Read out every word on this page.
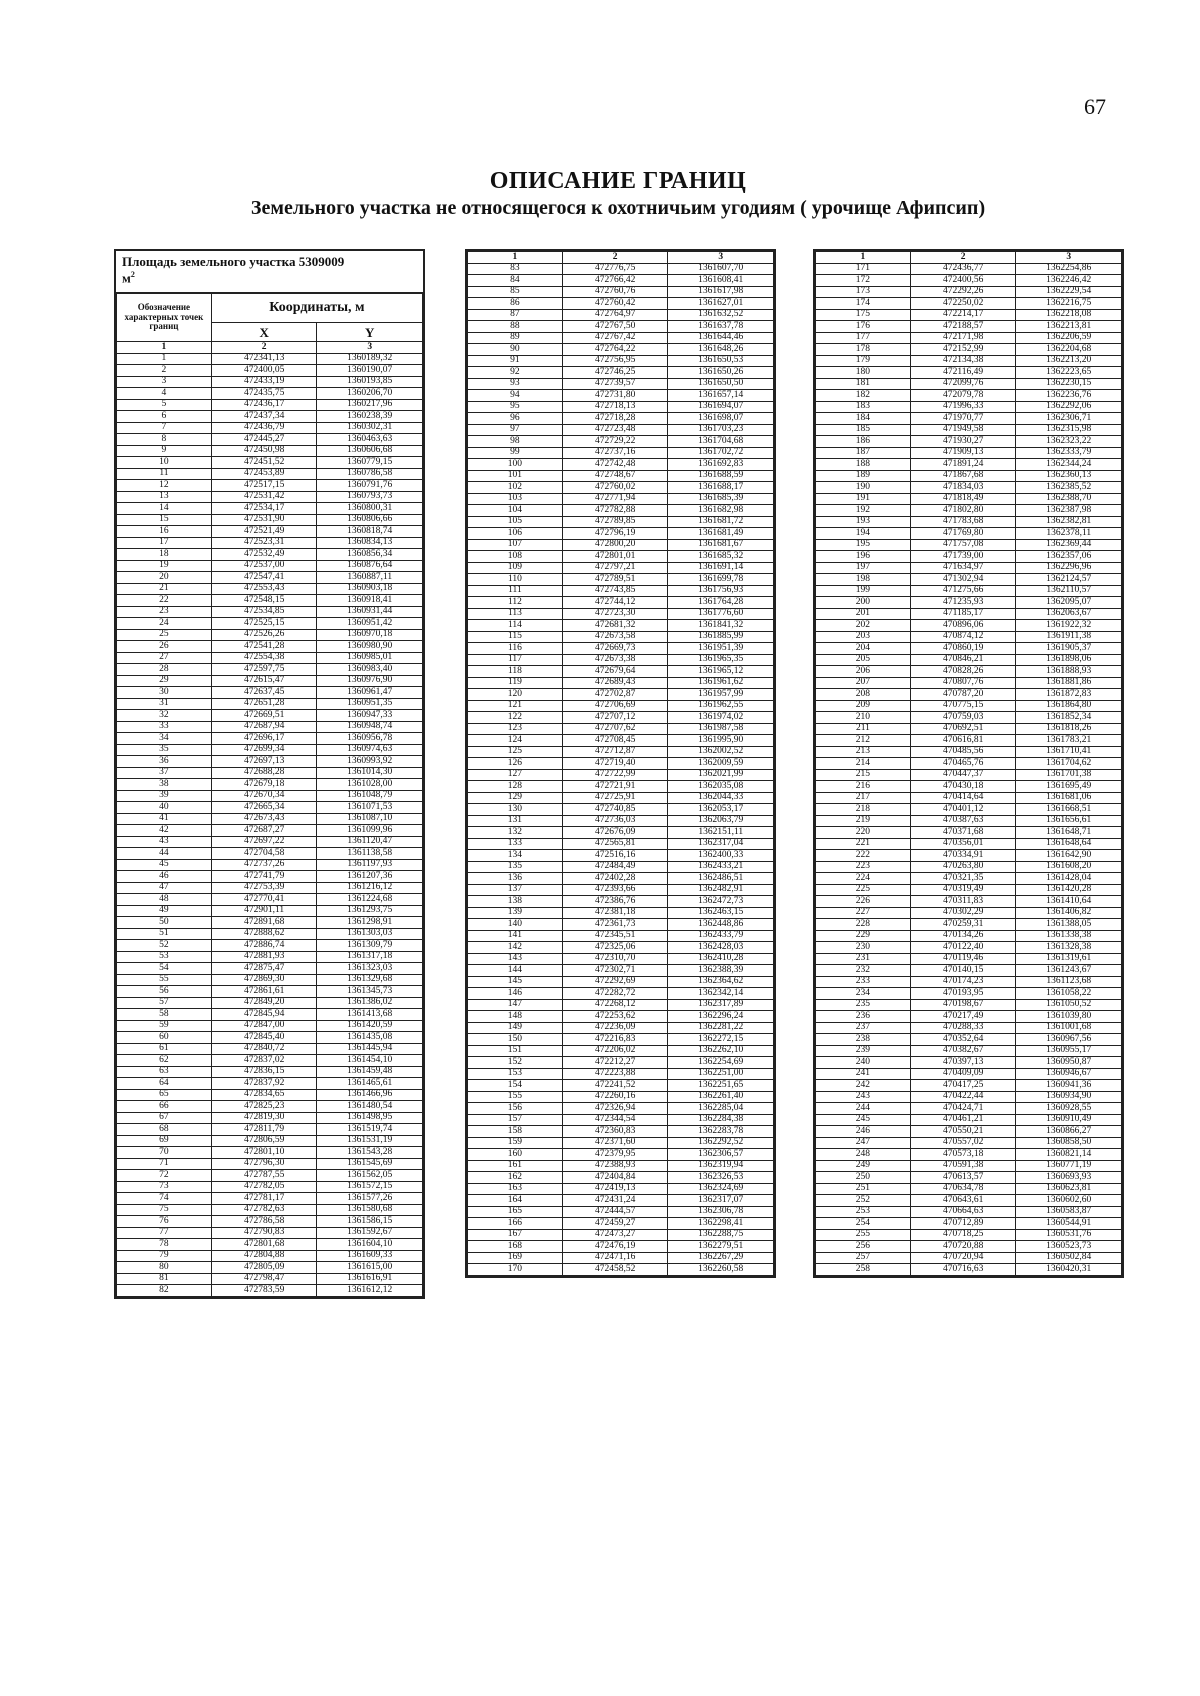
67
ОПИСАНИЕ ГРАНИЦ
Земельного участка не относящегося к охотничьим угодиям ( урочище Афипсип)
Площадь земельного участка 5309009
$м^2$
Обозначение характерных точек границ	Координаты, м	
	X	Y
1	2	3
1	472341,13	1360189,32
2	472400,05	1360190,07
3	472433,19	1360193,85
4	472435,75	1360206,70
5	472436,17	1360217,96
6	472437,34	1360238,39
7	472436,79	1360302,31
8	472445,27	1360463,63
9	472450,98	1360606,68
10	472451,52	1360779,15
11	472453,89	1360786,58
12	472517,15	1360791,76
13	472531,42	1360793,73
14	472534,17	1360800,31
15	472531,90	1360806,66
16	472521,49	1360818,74
17	472523,31	1360834,13
18	472532,49	1360856,34
19	472537,00	1360876,64
20	472547,41	1360887,11
21	472553,43	1360903,18
22	472548,15	1360918,41
23	472534,85	1360931,44
24	472525,15	1360951,42
25	472526,26	1360970,18
26	472541,28	1360980,90
27	472554,38	1360985,01
28	472597,75	1360983,40
29	472615,47	1360976,90
30	472637,45	1360961,47
31	472651,28	1360951,35
32	472669,51	1360947,33
33	472687,94	1360948,74
34	472696,17	1360956,78
35	472699,34	1360974,63
36	472697,13	1360993,92
37	472688,28	1361014,30
38	472679,18	1361028,00
39	472670,34	1361048,79
40	472665,34	1361071,53
41	472673,43	1361087,10
42	472687,27	1361099,96
43	472697,22	1361120,47
44	472704,58	1361138,58
45	472737,26	1361197,93
46	472741,79	1361207,36
47	472753,39	1361216,12
48	472770,41	1361224,68
49	472901,11	1361293,75
50	472891,68	1361298,91
51	472888,62	1361303,03
52	472886,74	1361309,79
53	472881,93	1361317,18
54	472875,47	1361323,03
55	472869,30	1361329,68
56	472861,61	1361345,73
57	472849,20	1361386,02
58	472845,94	1361413,68
59	472847,00	1361420,59
60	472845,40	1361435,08
61	472840,72	1361445,94
62	472837,02	1361454,10
63	472836,15	1361459,48
64	472837,92	1361465,61
65	472834,65	1361466,96
66	472825,23	1361480,54
67	472819,30	1361498,95
68	472811,79	1361519,74
69	472806,59	1361531,19
70	472801,10	1361543,28
71	472796,30	1361545,69
72	472787,55	1361562,05
73	472782,05	1361572,15
74	472781,17	1361577,26
75	472782,63	1361580,68
76	472786,58	1361586,15
77	472790,83	1361592,67
78	472801,68	1361604,10
79	472804,88	1361609,33
80	472805,09	1361615,00
81	472798,47	1361616,91
82	472783,59	1361612,12
1	2	3
83	472776,75	1361607,70
84	472766,42	1361608,41
85	472760,76	1361617,98
86	472760,42	1361627,01
87	472764,97	1361632,52
88	472767,50	1361637,78
89	472767,42	1361644,46
90	472764,22	1361648,26
91	472756,95	1361650,53
92	472746,25	1361650,26
93	472739,57	1361650,50
94	472731,80	1361657,14
95	472718,13	1361694,07
96	472718,28	1361698,07
97	472723,48	1361703,23
98	472729,22	1361704,68
99	472737,16	1361702,72
100	472742,48	1361692,83
101	472748,67	1361688,59
102	472760,02	1361688,17
103	472771,94	1361685,39
104	472782,88	1361682,98
105	472789,85	1361681,72
106	472796,19	1361681,49
107	472800,20	1361681,67
108	472801,01	1361685,32
109	472797,21	1361691,14
110	472789,51	1361699,78
111	472743,85	1361756,93
112	472744,12	1361764,28
113	472723,30	1361776,60
114	472681,32	1361841,32
115	472673,58	1361885,99
116	472669,73	1361951,39
117	472673,38	1361965,35
118	472679,64	1361965,12
119	472689,43	1361961,62
120	472702,87	1361957,99
121	472706,69	1361962,55
122	472707,12	1361974,02
123	472707,62	1361987,58
124	472708,45	1361995,90
125	472712,87	1362002,52
126	472719,40	1362009,59
127	472722,99	1362021,99
128	472721,91	1362035,08
129	472725,91	1362044,33
130	472740,85	1362053,17
131	472736,03	1362063,79
132	472676,09	1362151,11
133	472565,81	1362317,04
134	472516,16	1362400,33
135	472484,49	1362433,21
136	472402,28	1362486,51
137	472393,66	1362482,91
138	472386,76	1362472,73
139	472381,18	1362463,15
140	472361,73	1362448,86
141	472345,51	1362433,79
142	472325,06	1362428,03
143	472310,70	1362410,28
144	472302,71	1362388,39
145	472292,69	1362364,62
146	472282,72	1362342,14
147	472268,12	1362317,89
148	472253,62	1362296,24
149	472236,09	1362281,22
150	472216,83	1362272,15
151	472206,02	1362262,10
152	472212,27	1362254,69
153	472223,88	1362251,00
154	472241,52	1362251,65
155	472260,16	1362261,40
156	472326,94	1362285,04
157	472344,54	1362284,38
158	472360,83	1362283,78
159	472371,60	1362292,52
160	472379,95	1362306,57
161	472388,93	1362319,94
162	472404,84	1362326,53
163	472419,13	1362324,69
164	472431,24	1362317,07
165	472444,57	1362306,78
166	472459,27	1362298,41
167	472473,27	1362288,75
168	472476,19	1362279,51
169	472471,16	1362267,29
170	472458,52	1362260,58
1	2	3
171	472436,77	1362254,86
172	472400,56	1362246,42
173	472292,26	1362229,54
174	472250,02	1362216,75
175	472214,17	1362218,08
176	472188,57	1362213,81
177	472171,98	1362206,59
178	472152,99	1362204,68
179	472134,38	1362213,20
180	472116,49	1362223,65
181	472099,76	1362230,15
182	472079,78	1362236,76
183	471996,33	1362292,06
184	471970,77	1362306,71
185	471949,58	1362315,98
186	471930,27	1362323,22
187	471909,13	1362333,79
188	471891,24	1362344,24
189	471867,68	1362360,13
190	471834,03	1362385,52
191	471818,49	1362388,70
192	471802,80	1362387,98
193	471783,68	1362382,81
194	471769,80	1362378,11
195	471757,08	1362369,44
196	471739,00	1362357,06
197	471634,97	1362296,96
198	471302,94	1362124,57
199	471275,66	1362110,57
200	471235,93	1362095,07
201	471185,17	1362063,67
202	470896,06	1361922,32
203	470874,12	1361911,38
204	470860,19	1361905,37
205	470846,21	1361898,06
206	470828,26	1361888,93
207	470807,76	1361881,86
208	470787,20	1361872,83
209	470775,15	1361864,80
210	470759,03	1361852,34
211	470692,51	1361818,26
212	470616,81	1361783,21
213	470485,56	1361710,41
214	470465,76	1361704,62
215	470447,37	1361701,38
216	470430,18	1361695,49
217	470414,64	1361681,06
218	470401,12	1361668,51
219	470387,63	1361656,61
220	470371,68	1361648,71
221	470356,01	1361648,64
222	470334,91	1361642,90
223	470263,80	1361608,20
224	470321,35	1361428,04
225	470319,49	1361420,28
226	470311,83	1361410,64
227	470302,29	1361406,82
228	470259,31	1361388,05
229	470134,26	1361338,38
230	470122,40	1361328,38
231	470119,46	1361319,61
232	470140,15	1361243,67
233	470174,23	1361123,68
234	470193,95	1361058,22
235	470198,67	1361050,52
236	470217,49	1361039,80
237	470288,33	1361001,68
238	470352,64	1360967,56
239	470382,67	1360955,17
240	470397,13	1360950,87
241	470409,09	1360946,67
242	470417,25	1360941,36
243	470422,44	1360934,90
244	470424,71	1360928,55
245	470461,21	1360910,49
246	470550,21	1360866,27
247	470557,02	1360858,50
248	470573,18	1360821,14
249	470591,38	1360771,19
250	470613,57	1360693,93
251	470634,78	1360623,81
252	470643,61	1360602,60
253	470664,63	1360583,87
254	470712,89	1360544,91
255	470718,25	1360531,76
256	470720,88	1360523,73
257	470720,94	1360502,84
258	470716,63	1360420,31
